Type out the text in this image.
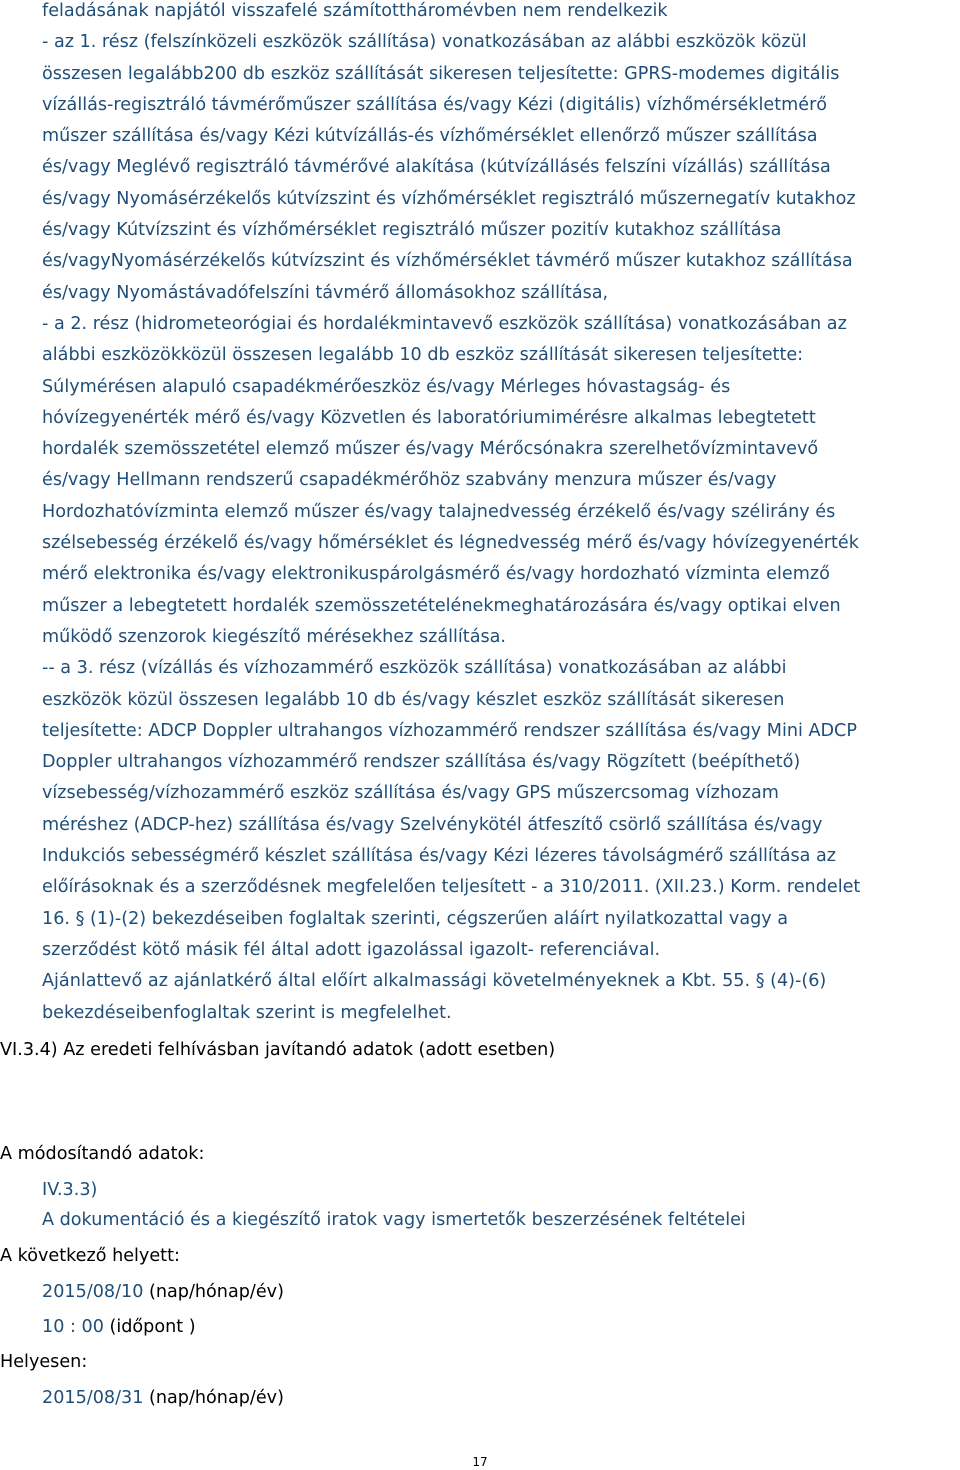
feladásának napjától visszafelé számítottháromévben nem rendelkezik

- az 1. rész (felszínközeli eszközök szállítása) vonatkozásában az alábbi eszközök közül

összesen legalább200 db eszköz szállítását sikeresen teljesítette: GPRS-modemes digitális

vízállás-regisztráló távmérőműszer szállítása és/vagy Kézi (digitális) vízhőmérsékletmérő

műszer szállítása és/vagy Kézi kútvízállás-és vízhőmérséklet ellenőrző műszer szállítása

és/vagy Meglévő regisztráló távmérővé alakítása (kútvízállásés felszíni vízállás) szállítása

és/vagy Nyomásérzékelős kútvízszint és vízhőmérséklet regisztráló műszernegatív kutakhoz

és/vagy Kútvízszint és vízhőmérséklet regisztráló műszer pozitív kutakhoz szállítása

és/vagyNyomásérzékelős kútvízszint és vízhőmérséklet távmérő műszer kutakhoz szállítása

és/vagy Nyomástávadófelszíni távmérő állomásokhoz szállítása,

- a 2. rész (hidrometeorógiai és hordalékmintavevő eszközök szállítása) vonatkozásában az

alábbi eszközökközül összesen legalább 10 db eszköz szállítását sikeresen teljesítette:

Súlymérésen alapuló csapadékmérőeszköz és/vagy Mérleges hóvastagság- és

hóvízegyenérték mérő és/vagy Közvetlen és laboratóriumimérésre alkalmas lebegtetett

hordalék szemösszetétel elemző műszer és/vagy Mérőcsónakra szerelhetővízmintavevő

és/vagy Hellmann rendszerű csapadékmérőhöz szabvány menzura műszer és/vagy

Hordozhatóvízminta elemző műszer és/vagy talajnedvesség érzékelő és/vagy szélirány és

szélsebesség érzékelő és/vagy hőmérséklet és légnedvesség mérő és/vagy hóvízegyenérték

mérő elektronika és/vagy elektronikuspárolgásmérő és/vagy hordozható vízminta elemző

műszer a lebegtetett hordalék szemösszetételénekmeghatározására és/vagy optikai elven

működő szenzorok kiegészítő mérésekhez szállítása.

-- a 3. rész (vízállás és vízhozammérő eszközök szállítása) vonatkozásában az alábbi

eszközök közül összesen legalább 10 db és/vagy készlet eszköz szállítását sikeresen

teljesítette: ADCP Doppler ultrahangos vízhozammérő rendszer szállítása és/vagy Mini ADCP

Doppler ultrahangos vízhozammérő rendszer szállítása és/vagy Rögzített (beépíthető)

vízsebesség/vízhozammérő eszköz szállítása és/vagy GPS műszercsomag vízhozam

méréshez (ADCP-hez) szállítása és/vagy Szelvénykötél átfeszítő csörlő szállítása és/vagy

Indukciós sebességmérő készlet szállítása és/vagy Kézi lézeres távolságmérő szállítása az

előírásoknak és a szerződésnek megfelelően teljesített - a 310/2011. (XII.23.) Korm. rendelet

16. § (1)-(2) bekezdéseiben foglaltak szerinti, cégszerűen aláírt nyilatkozattal vagy a

szerződést kötő másik fél által adott igazolással igazolt- referenciával.

Ajánlattevő az ajánlatkérő által előírt alkalmassági követelményeknek a Kbt. 55. § (4)-(6)

bekezdéseibenfoglaltak szerint is megfelelhet.

VI.3.4) Az eredeti felhívásban javítandó adatok (adott esetben)
A módosítandó adatok:
IV.3.3)
A dokumentáció és a kiegészítő iratok vagy ismertetők beszerzésének feltételei
A következő helyett:
2015/08/10 (nap/hónap/év)
10 : 00 (időpont )
Helyesen:
2015/08/31 (nap/hónap/év)
17
